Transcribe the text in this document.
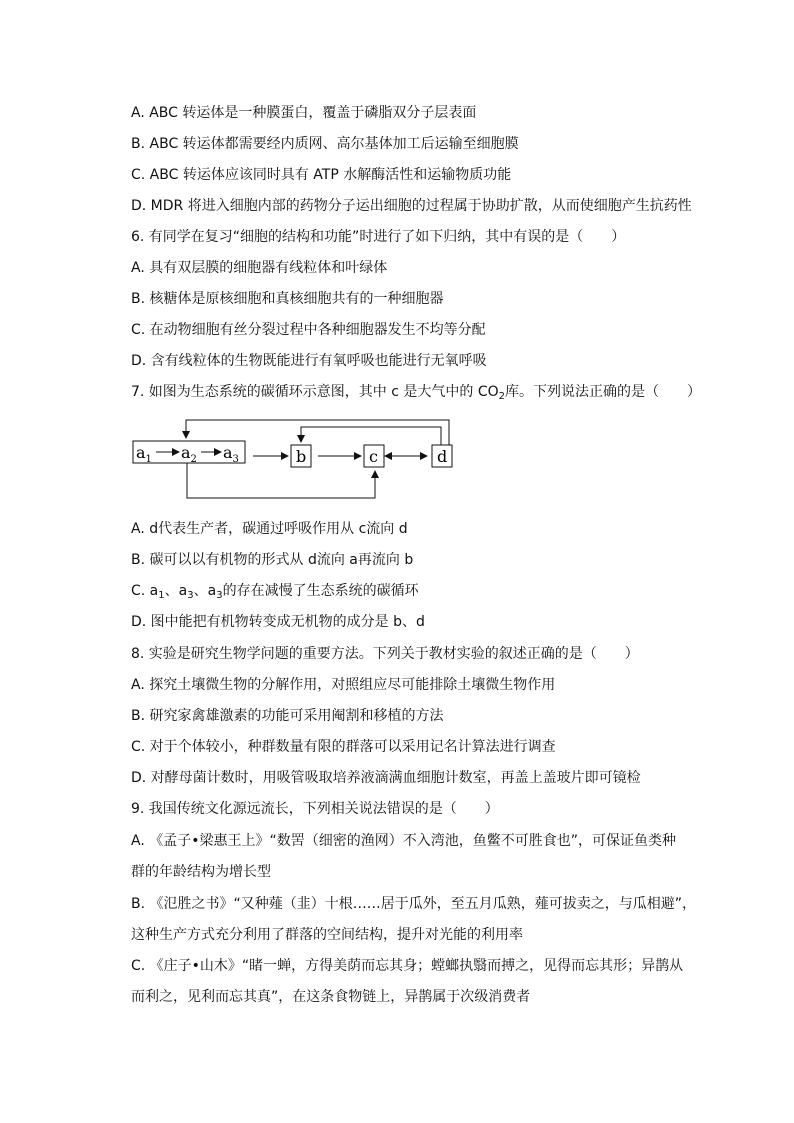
A. ABC 转运体是一种膜蛋白，覆盖于磷脂双分子层表面
B. ABC 转运体都需要经内质网、高尔基体加工后运输至细胞膜
C. ABC 转运体应该同时具有 ATP 水解酶活性和运输物质功能
D. MDR 将进入细胞内部的药物分子运出细胞的过程属于协助扩散，从而使细胞产生抗药性
6. 有同学在复习“细胞的结构和功能”时进行了如下归纳，其中有误的是（　　）
A. 具有双层膜的细胞器有线粒体和叶绿体
B. 核糖体是原核细胞和真核细胞共有的一种细胞器
C. 在动物细胞有丝分裂过程中各种细胞器发生不均等分配
D. 含有线粒体的生物既能进行有氧呼吸也能进行无氧呼吸
7. 如图为生态系统的碳循环示意图，其中 c 是大气中的 $CO_2$库。下列说法正确的是（　　）
$a_1$ $a_2$ $a_3$	b	c	d
A. d代表生产者，碳通过呼吸作用从 c流向 d
B. 碳可以以有机物的形式从 d流向 a再流向 b
C. $a_1$、$a_3$、$a_3$的存在减慢了生态系统的碳循环
D. 图中能把有机物转变成无机物的成分是 b、d
8. 实验是研究生物学问题的重要方法。下列关于教材实验的叙述正确的是（　　）
A. 探究土壤微生物的分解作用，对照组应尽可能排除土壤微生物作用
B. 研究家禽雄激素的功能可采用阉割和移植的方法
C. 对于个体较小，种群数量有限的群落可以采用记名计算法进行调查
D. 对酵母菌计数时，用吸管吸取培养液滴满血细胞计数室，再盖上盖玻片即可镜检
9. 我国传统文化源远流长，下列相关说法错误的是（　　）
A. 《孟子•梁惠王上》“数罟（细密的渔网）不入湾池，鱼鳖不可胜食也”，可保证鱼类种
群的年龄结构为增长型
B. 《氾胜之书》“又种薤（韭）十根……居于瓜外，至五月瓜熟，薤可拔卖之，与瓜相避”，
这种生产方式充分利用了群落的空间结构，提升对光能的利用率
C. 《庄子•山木》“睹一蝉，方得美荫而忘其身；螳螂执翳而搏之，见得而忘其形；异鹊从
而利之，见利而忘其真”，在这条食物链上，异鹊属于次级消费者
